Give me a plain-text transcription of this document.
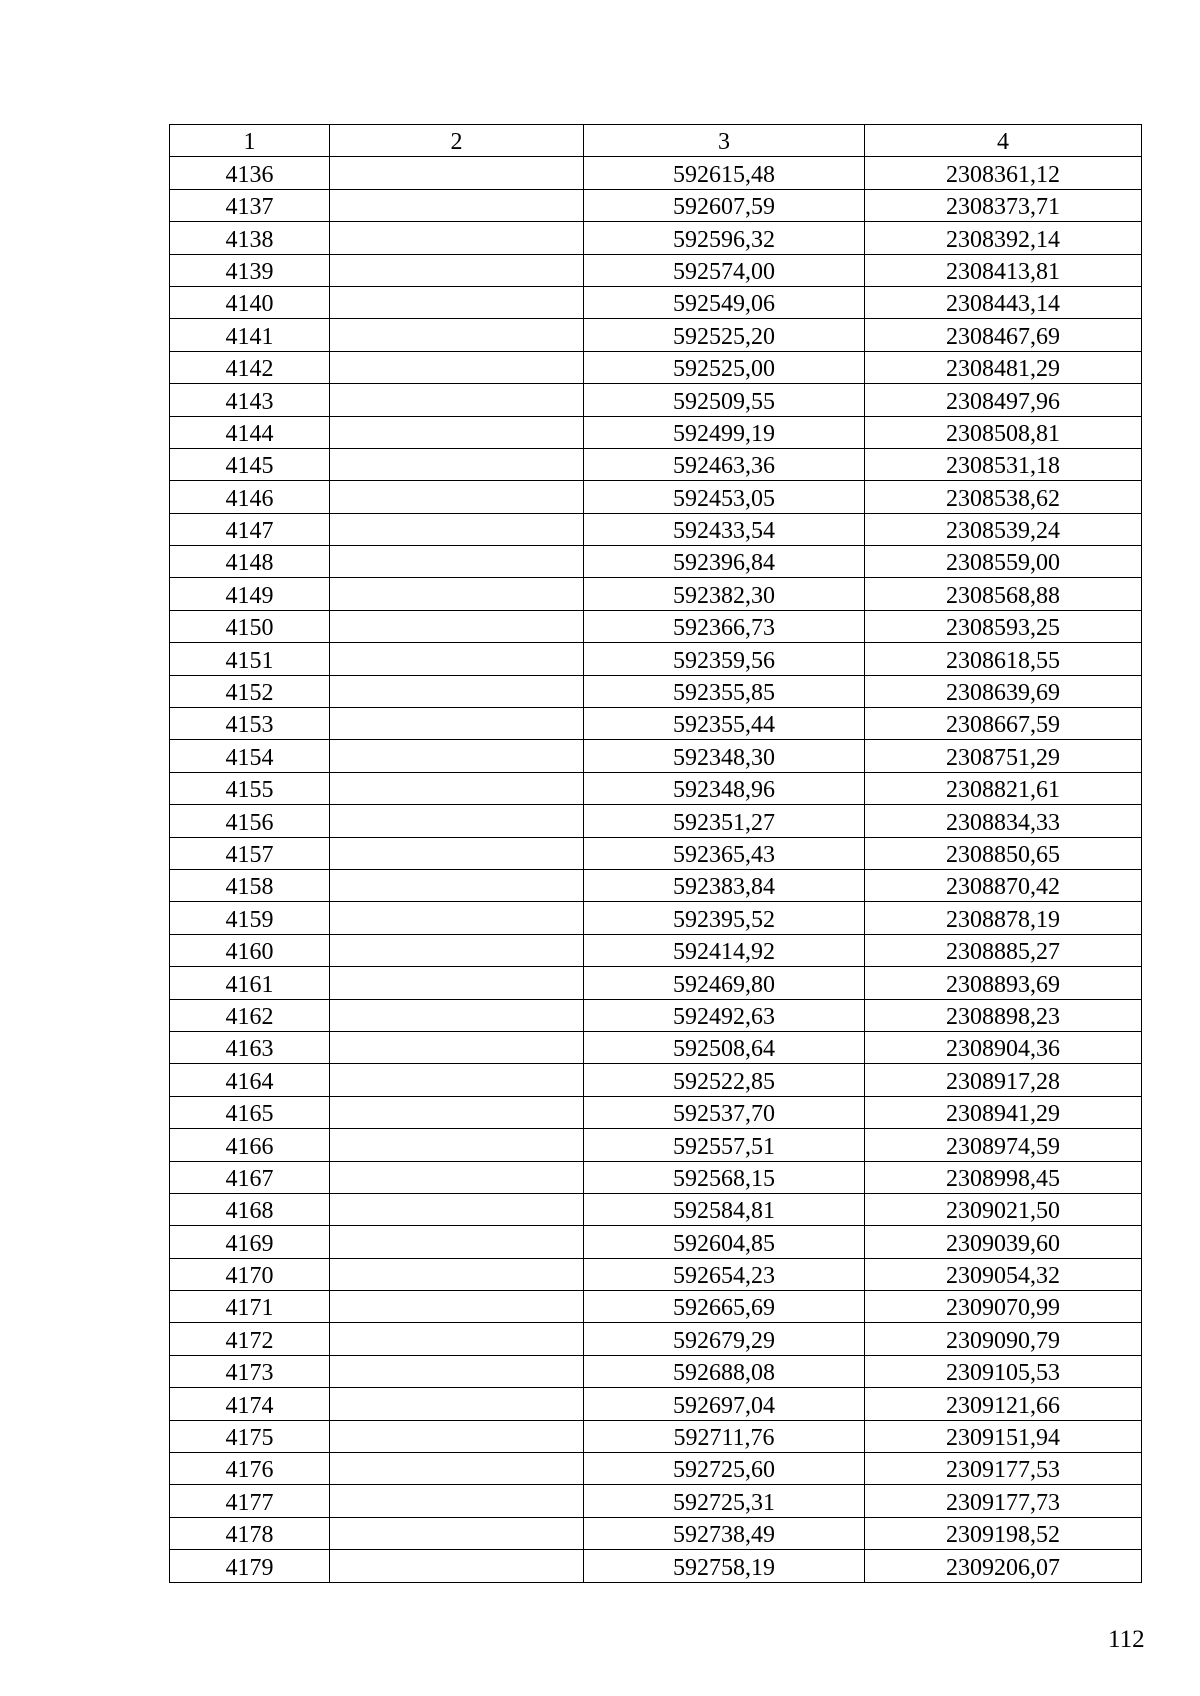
1	2	3	4
4136		592615,48	2308361,12
4137		592607,59	2308373,71
4138		592596,32	2308392,14
4139		592574,00	2308413,81
4140		592549,06	2308443,14
4141		592525,20	2308467,69
4142		592525,00	2308481,29
4143		592509,55	2308497,96
4144		592499,19	2308508,81
4145		592463,36	2308531,18
4146		592453,05	2308538,62
4147		592433,54	2308539,24
4148		592396,84	2308559,00
4149		592382,30	2308568,88
4150		592366,73	2308593,25
4151		592359,56	2308618,55
4152		592355,85	2308639,69
4153		592355,44	2308667,59
4154		592348,30	2308751,29
4155		592348,96	2308821,61
4156		592351,27	2308834,33
4157		592365,43	2308850,65
4158		592383,84	2308870,42
4159		592395,52	2308878,19
4160		592414,92	2308885,27
4161		592469,80	2308893,69
4162		592492,63	2308898,23
4163		592508,64	2308904,36
4164		592522,85	2308917,28
4165		592537,70	2308941,29
4166		592557,51	2308974,59
4167		592568,15	2308998,45
4168		592584,81	2309021,50
4169		592604,85	2309039,60
4170		592654,23	2309054,32
4171		592665,69	2309070,99
4172		592679,29	2309090,79
4173		592688,08	2309105,53
4174		592697,04	2309121,66
4175		592711,76	2309151,94
4176		592725,60	2309177,53
4177		592725,31	2309177,73
4178		592738,49	2309198,52
4179		592758,19	2309206,07
112
